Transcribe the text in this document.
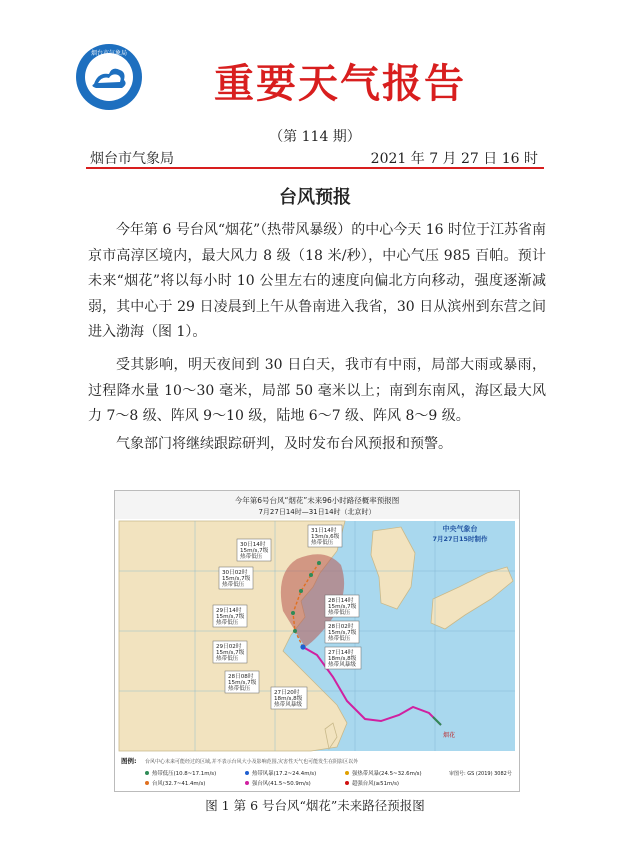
烟台市气象局
重要天气报告
（第 114 期）
烟台市气象局	2021 年 7 月 27 日 16 时
台风预报
今年第 6 号台风“烟花”（热带风暴级）的中心今天 16 时位于江苏省南京市高淳区境内，最大风力 8 级（18 米/秒），中心气压 985 百帕。预计未来“烟花”将以每小时 10 公里左右的速度向偏北方向移动，强度逐渐减弱，其中心于 29 日凌晨到上午从鲁南进入我省，30 日从滨州到东营之间进入渤海（图 1）。
受其影响，明天夜间到 30 日白天，我市有中雨，局部大雨或暴雨，过程降水量 10～30 毫米，局部 50 毫米以上；南到东南风，海区最大风力 7～8 级、阵风 9～10 级，陆地 6～7 级、阵风 8～9 级。
气象部门将继续跟踪研判，及时发布台风预报和预警。
今年第6号台风“烟花”未来96小时路径概率预报图
7月27日14时—31日14时（北京时）
烟花
中央气象台
7月27日15时制作
31日14时
13m/s,6级
热带低压
30日14时
15m/s,7级
热带低压
30日02时
15m/s,7级
热带低压
29日14时
15m/s,7级
热带低压
29日02时
15m/s,7级
热带低压
28日08时
15m/s,7级
热带低压
28日14时
15m/s,7级
热带低压
28日02时
15m/s,7级
热带低压
27日14时
18m/s,8级
热带风暴级
27日20时
18m/s,8级
热带风暴级
图例: 台风中心未来可能经过的区域,并不表示台风大小及影响范围,灾害性天气也可能发生在阴影区以外
热带低压(10.8~17.1m/s)	热带风暴(17.2~24.4m/s)	强热带风暴(24.5~32.6m/s)
台风(32.7~41.4m/s)	强台风(41.5~50.9m/s)	超强台风(≥51m/s)
审图号: GS (2019) 3082号
图 1 第 6 号台风“烟花”未来路径预报图
